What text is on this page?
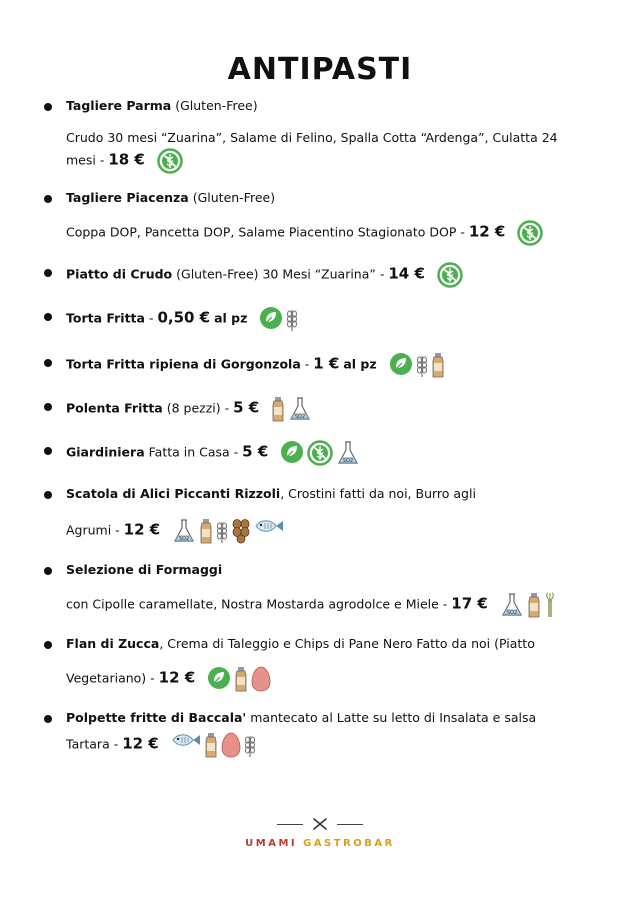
ANTIPASTI
Tagliere Parma (Gluten-Free)
Crudo 30 mesi “Zuarina”, Salame di Felino, Spalla Cotta “Ardenga”, Culatta 24 mesi - 18 €
Tagliere Piacenza (Gluten-Free)
Coppa DOP, Pancetta DOP, Salame Piacentino Stagionato DOP - 12 €
Piatto di Crudo (Gluten-Free) 30 Mesi “Zuarina” - 14 €
Torta Fritta - 0,50 € al pz
Torta Fritta ripiena di Gorgonzola - 1 € al pz
Polenta Fritta (8 pezzi) - 5 €
SO2
Giardiniera Fatta in Casa - 5 €
SO2
Scatola di Alici Piccanti Rizzoli, Crostini fatti da noi, Burro agli
Agrumi - 12 €
SO2
Selezione di Formaggi
con Cipolle caramellate, Nostra Mostarda agrodolce e Miele - 17 €
SO2
Flan di Zucca, Crema di Taleggio e Chips di Pane Nero Fatto da noi (Piatto
Vegetariano) - 12 €
Polpette fritte di Baccala' mantecato al Latte su letto di Insalata e salsa
Tartara - 12 €

UMAMI GASTROBAR
